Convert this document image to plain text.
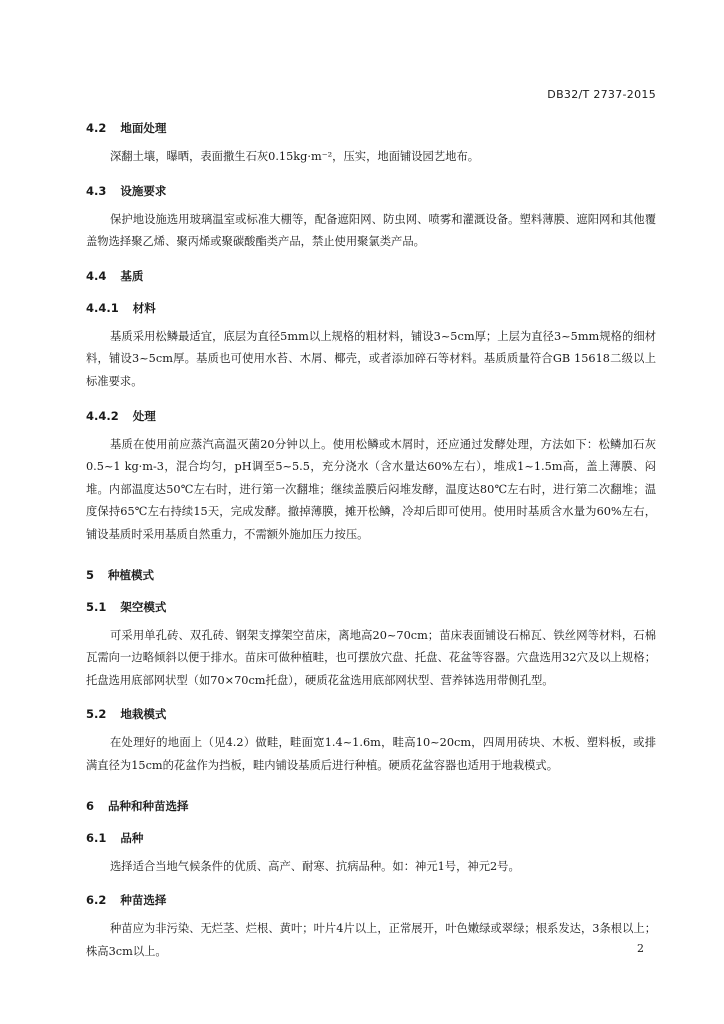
DB32/T 2737-2015
4.2 地面处理

深翻土壤，曝晒，表面撒生石灰0.15kg·m⁻²，压实，地面铺设园艺地布。

4.3 设施要求

保护地设施选用玻璃温室或标准大棚等，配备遮阳网、防虫网、喷雾和灌溉设备。塑料薄膜、遮阳网和其他覆盖物选择聚乙烯、聚丙烯或聚碳酸酯类产品，禁止使用聚氯类产品。

4.4 基质
4.4.1 材料

基质采用松鳞最适宜，底层为直径5mm以上规格的粗材料，铺设3~5cm厚；上层为直径3~5mm规格的细材料，铺设3~5cm厚。基质也可使用水苔、木屑、椰壳，或者添加碎石等材料。基质质量符合GB 15618二级以上标准要求。

4.4.2 处理

基质在使用前应蒸汽高温灭菌20分钟以上。使用松鳞或木屑时，还应通过发酵处理，方法如下：松鳞加石灰0.5~1 kg·m-3，混合均匀，pH调至5~5.5，充分浇水（含水量达60%左右），堆成1~1.5m高，盖上薄膜、闷堆。内部温度达50℃左右时，进行第一次翻堆；继续盖膜后闷堆发酵，温度达80℃左右时，进行第二次翻堆；温度保持65℃左右持续15天，完成发酵。撤掉薄膜，摊开松鳞，冷却后即可使用。使用时基质含水量为60%左右，铺设基质时采用基质自然重力，不需额外施加压力按压。

5 种植模式
5.1 架空模式

可采用单孔砖、双孔砖、钢架支撑架空苗床，离地高20~70cm；苗床表面铺设石棉瓦、铁丝网等材料，石棉瓦需向一边略倾斜以便于排水。苗床可做种植畦，也可摆放穴盘、托盘、花盆等容器。穴盘选用32穴及以上规格；托盘选用底部网状型（如70×70cm托盘），硬质花盆选用底部网状型、营养钵选用带侧孔型。

5.2 地栽模式

在处理好的地面上（见4.2）做畦，畦面宽1.4~1.6m，畦高10~20cm，四周用砖块、木板、塑料板，或排满直径为15cm的花盆作为挡板，畦内铺设基质后进行种植。硬质花盆容器也适用于地栽模式。

6 品种和种苗选择
6.1 品种

选择适合当地气候条件的优质、高产、耐寒、抗病品种。如：神元1号，神元2号。

6.2 种苗选择

种苗应为非污染、无烂茎、烂根、黄叶；叶片4片以上，正常展开，叶色嫩绿或翠绿；根系发达，3条根以上；株高3cm以上。	2
